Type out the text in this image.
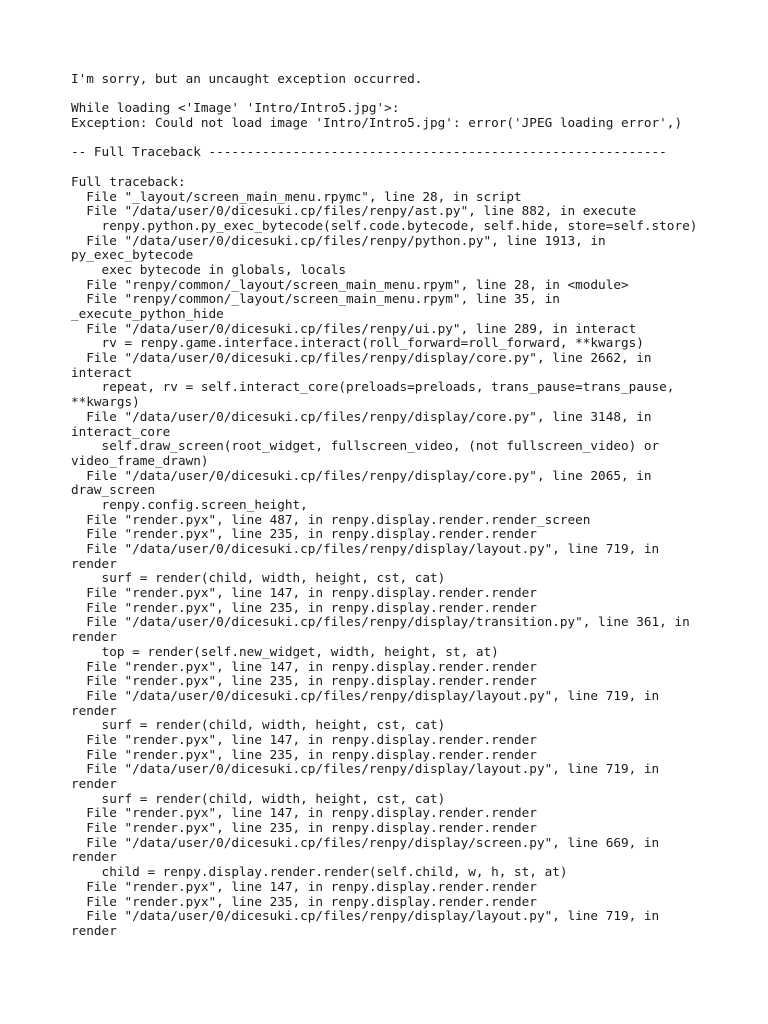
I'm sorry, but an uncaught exception occurred.
While loading <'Image' 'Intro/Intro5.jpg'>:
Exception: Could not load image 'Intro/Intro5.jpg': error('JPEG loading error',)
-- Full Traceback ------------------------------------------------------------
Full traceback:
File "_layout/screen_main_menu.rpymc", line 28, in script
File "/data/user/0/dicesuki.cp/files/renpy/ast.py", line 882, in execute
renpy.python.py_exec_bytecode(self.code.bytecode, self.hide, store=self.store)
File "/data/user/0/dicesuki.cp/files/renpy/python.py", line 1913, in
py_exec_bytecode
exec bytecode in globals, locals
File "renpy/common/_layout/screen_main_menu.rpym", line 28, in <module>
File "renpy/common/_layout/screen_main_menu.rpym", line 35, in
_execute_python_hide
File "/data/user/0/dicesuki.cp/files/renpy/ui.py", line 289, in interact
rv = renpy.game.interface.interact(roll_forward=roll_forward, **kwargs)
File "/data/user/0/dicesuki.cp/files/renpy/display/core.py", line 2662, in
interact
repeat, rv = self.interact_core(preloads=preloads, trans_pause=trans_pause,
**kwargs)
File "/data/user/0/dicesuki.cp/files/renpy/display/core.py", line 3148, in
interact_core
self.draw_screen(root_widget, fullscreen_video, (not fullscreen_video) or
video_frame_drawn)
File "/data/user/0/dicesuki.cp/files/renpy/display/core.py", line 2065, in
draw_screen
renpy.config.screen_height,
File "render.pyx", line 487, in renpy.display.render.render_screen
File "render.pyx", line 235, in renpy.display.render.render
File "/data/user/0/dicesuki.cp/files/renpy/display/layout.py", line 719, in
render
surf = render(child, width, height, cst, cat)
File "render.pyx", line 147, in renpy.display.render.render
File "render.pyx", line 235, in renpy.display.render.render
File "/data/user/0/dicesuki.cp/files/renpy/display/transition.py", line 361, in
render
top = render(self.new_widget, width, height, st, at)
File "render.pyx", line 147, in renpy.display.render.render
File "render.pyx", line 235, in renpy.display.render.render
File "/data/user/0/dicesuki.cp/files/renpy/display/layout.py", line 719, in
render
surf = render(child, width, height, cst, cat)
File "render.pyx", line 147, in renpy.display.render.render
File "render.pyx", line 235, in renpy.display.render.render
File "/data/user/0/dicesuki.cp/files/renpy/display/layout.py", line 719, in
render
surf = render(child, width, height, cst, cat)
File "render.pyx", line 147, in renpy.display.render.render
File "render.pyx", line 235, in renpy.display.render.render
File "/data/user/0/dicesuki.cp/files/renpy/display/screen.py", line 669, in
render
child = renpy.display.render.render(self.child, w, h, st, at)
File "render.pyx", line 147, in renpy.display.render.render
File "render.pyx", line 235, in renpy.display.render.render
File "/data/user/0/dicesuki.cp/files/renpy/display/layout.py", line 719, in
render
